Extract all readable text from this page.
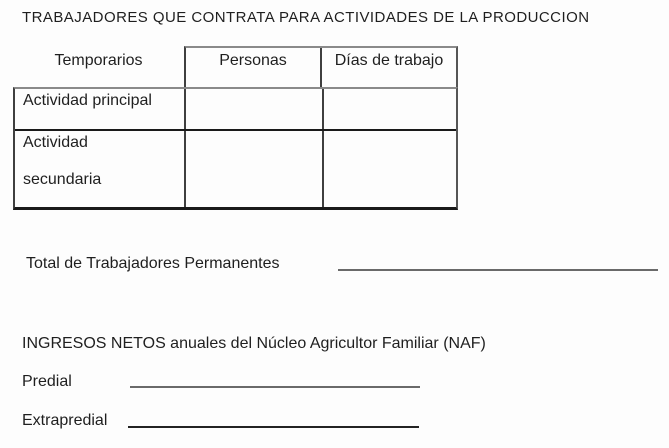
TRABAJADORES QUE CONTRATA PARA ACTIVIDADES DE LA PRODUCCION
Temporarios	Personas	Días de trabajo
Actividad principal
Actividad
secundaria
Total de Trabajadores Permanentes
INGRESOS NETOS anuales del Núcleo Agricultor Familiar (NAF)
Predial
Extrapredial
